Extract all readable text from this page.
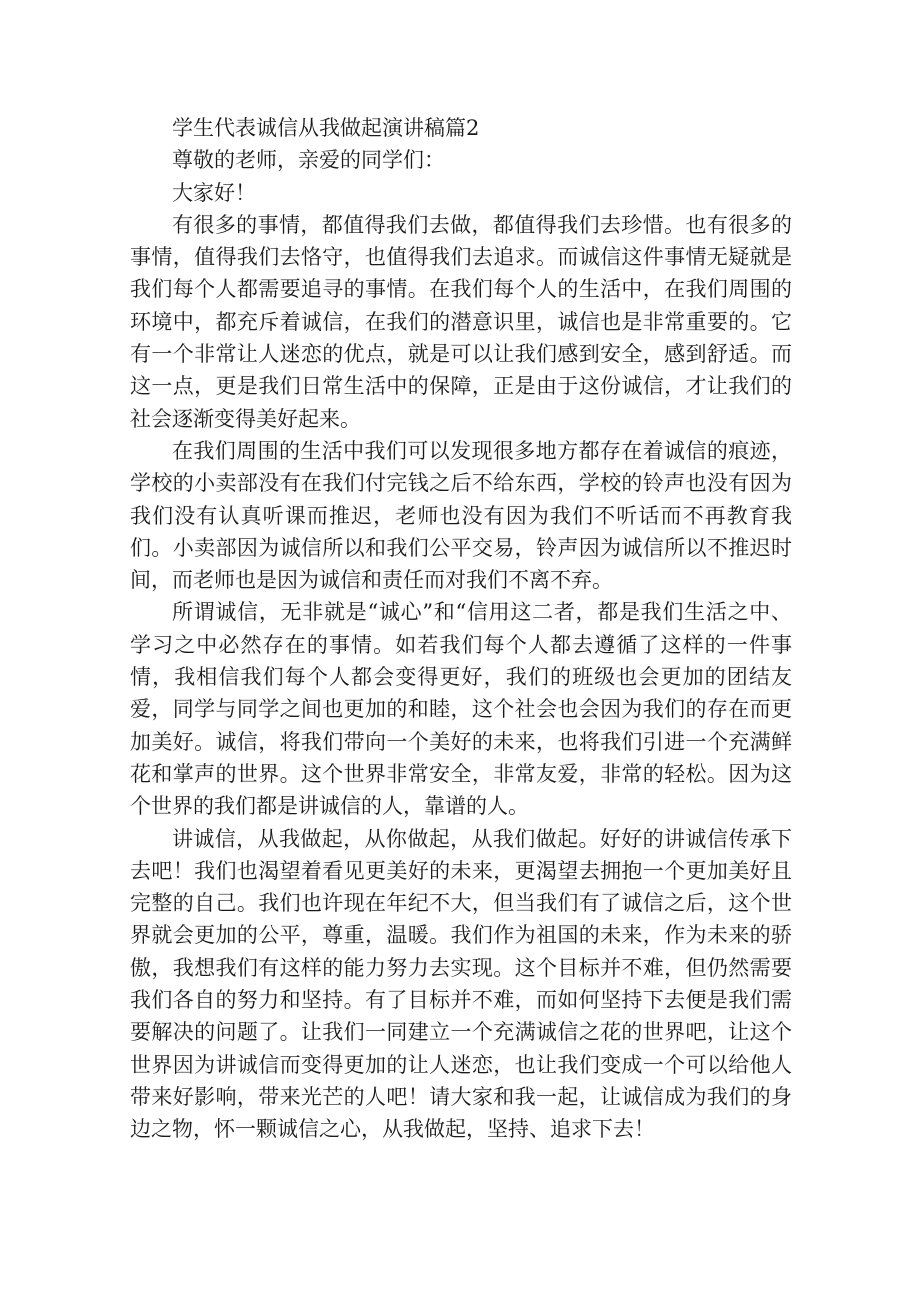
学生代表诚信从我做起演讲稿篇2

尊敬的老师，亲爱的同学们：

大家好！

有很多的事情，都值得我们去做，都值得我们去珍惜。也有很多的事情，值得我们去恪守，也值得我们去追求。而诚信这件事情无疑就是我们每个人都需要追寻的事情。在我们每个人的生活中，在我们周围的环境中，都充斥着诚信，在我们的潜意识里，诚信也是非常重要的。它有一个非常让人迷恋的优点，就是可以让我们感到安全，感到舒适。而这一点，更是我们日常生活中的保障，正是由于这份诚信，才让我们的社会逐渐变得美好起来。

在我们周围的生活中我们可以发现很多地方都存在着诚信的痕迹，学校的小卖部没有在我们付完钱之后不给东西，学校的铃声也没有因为我们没有认真听课而推迟，老师也没有因为我们不听话而不再教育我们。小卖部因为诚信所以和我们公平交易，铃声因为诚信所以不推迟时间，而老师也是因为诚信和责任而对我们不离不弃。

所谓诚信，无非就是“诚心”和“信用这二者，都是我们生活之中、学习之中必然存在的事情。如若我们每个人都去遵循了这样的一件事情，我相信我们每个人都会变得更好，我们的班级也会更加的团结友爱，同学与同学之间也更加的和睦，这个社会也会因为我们的存在而更加美好。诚信，将我们带向一个美好的未来，也将我们引进一个充满鲜花和掌声的世界。这个世界非常安全，非常友爱，非常的轻松。因为这个世界的我们都是讲诚信的人，靠谱的人。

讲诚信，从我做起，从你做起，从我们做起。好好的讲诚信传承下去吧！我们也渴望着看见更美好的未来，更渴望去拥抱一个更加美好且完整的自己。我们也许现在年纪不大，但当我们有了诚信之后，这个世界就会更加的公平，尊重，温暖。我们作为祖国的未来，作为未来的骄傲，我想我们有这样的能力努力去实现。这个目标并不难，但仍然需要我们各自的努力和坚持。有了目标并不难，而如何坚持下去便是我们需要解决的问题了。让我们一同建立一个充满诚信之花的世界吧，让这个世界因为讲诚信而变得更加的让人迷恋，也让我们变成一个可以给他人带来好影响，带来光芒的人吧！请大家和我一起，让诚信成为我们的身边之物，怀一颗诚信之心，从我做起，坚持、追求下去！
